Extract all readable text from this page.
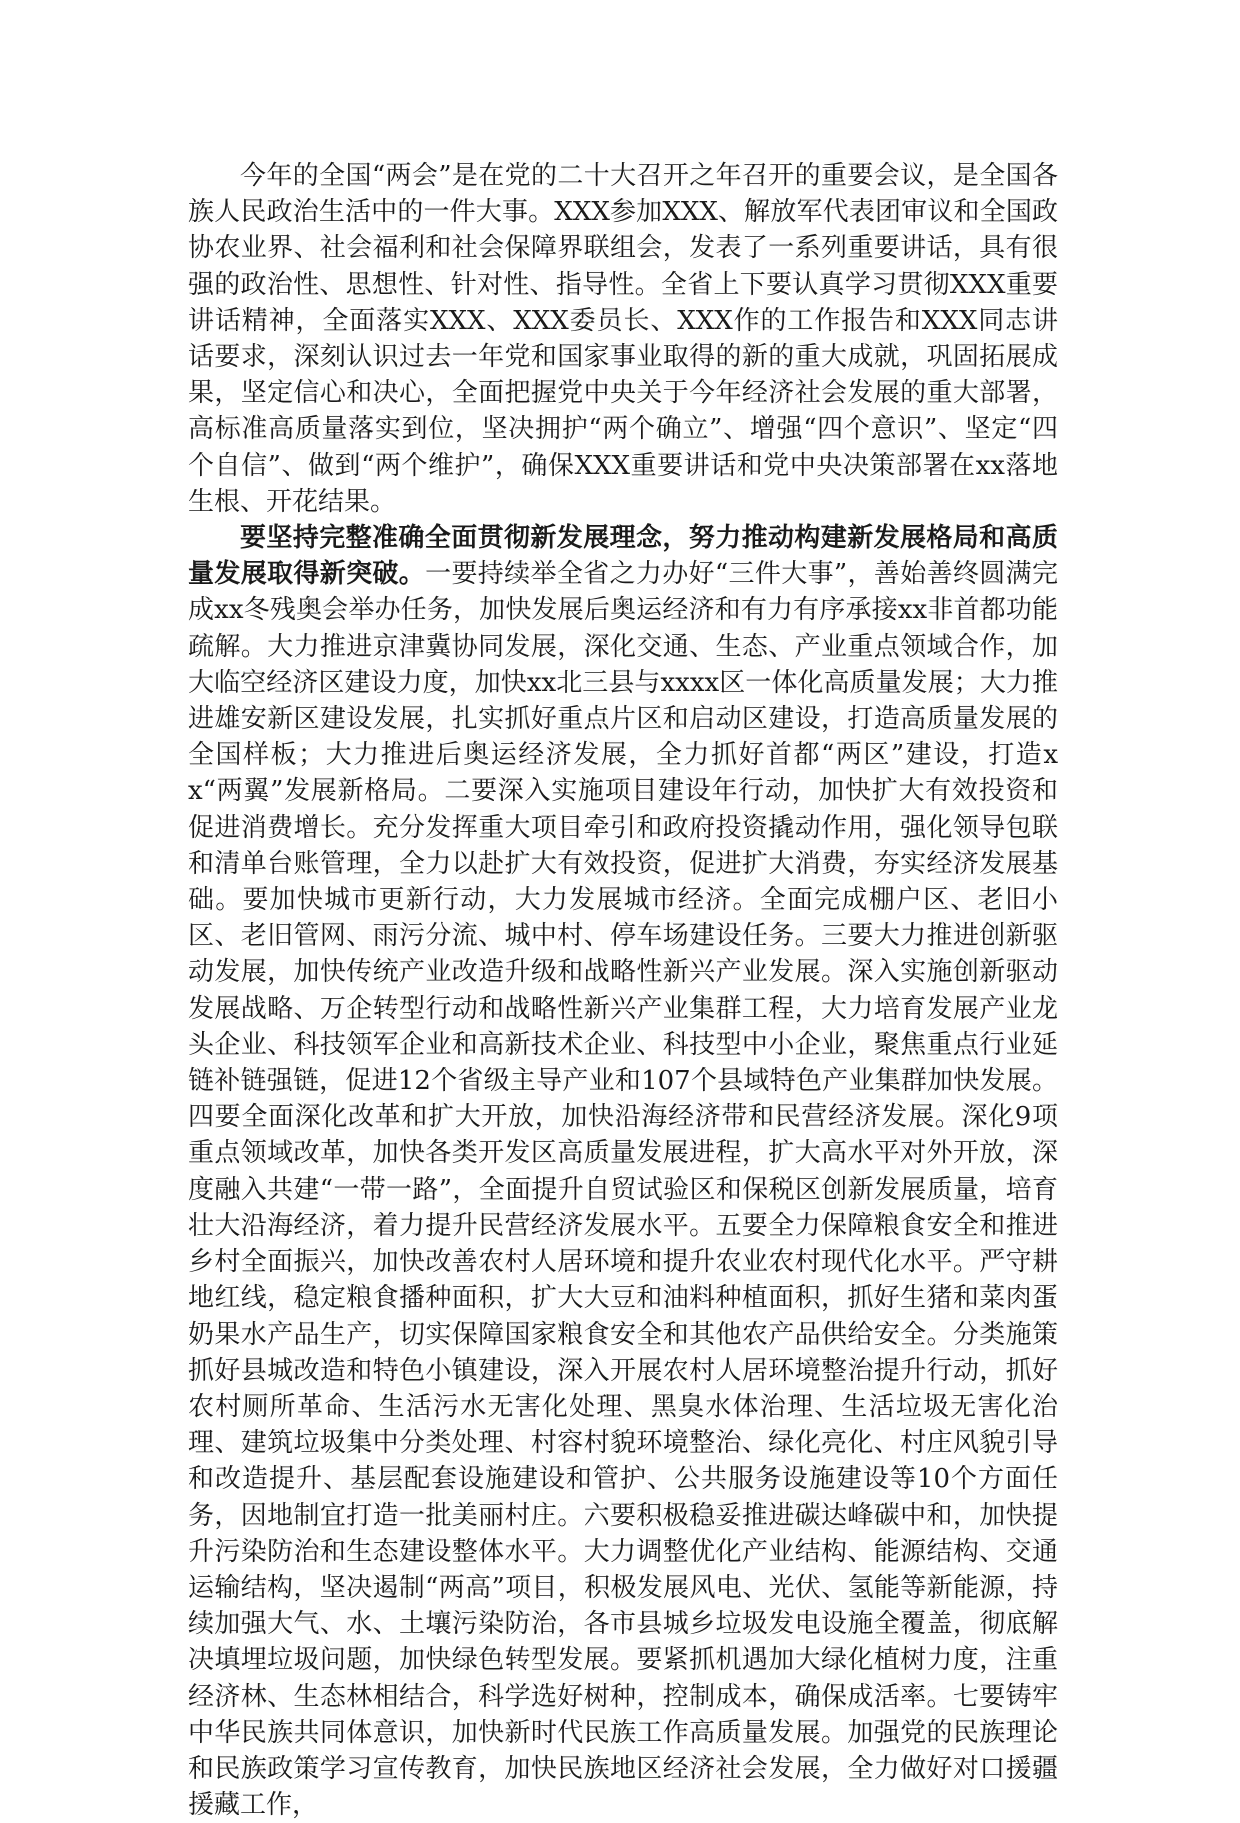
今年的全国“两会”是在党的二十大召开之年召开的重要会议，是全国各族人民政治生活中的一件大事。XXX参加XXX、解放军代表团审议和全国政协农业界、社会福利和社会保障界联组会，发表了一系列重要讲话，具有很强的政治性、思想性、针对性、指导性。全省上下要认真学习贯彻XXX重要讲话精神，全面落实XXX、XXX委员长、XXX作的工作报告和XXX同志讲话要求，深刻认识过去一年党和国家事业取得的新的重大成就，巩固拓展成果，坚定信心和决心，全面把握党中央关于今年经济社会发展的重大部署，高标准高质量落实到位，坚决拥护“两个确立”、增强“四个意识”、坚定“四个自信”、做到“两个维护”，确保XXX重要讲话和党中央决策部署在xx落地生根、开花结果。

要坚持完整准确全面贯彻新发展理念，努力推动构建新发展格局和高质量发展取得新突破。一要持续举全省之力办好“三件大事”，善始善终圆满完成xx冬残奥会举办任务，加快发展后奥运经济和有力有序承接xx非首都功能疏解。大力推进京津冀协同发展，深化交通、生态、产业重点领域合作，加大临空经济区建设力度，加快xx北三县与xxxx区一体化高质量发展；大力推进雄安新区建设发展，扎实抓好重点片区和启动区建设，打造高质量发展的全国样板；大力推进后奥运经济发展，全力抓好首都“两区”建设，打造xx“两翼”发展新格局。二要深入实施项目建设年行动，加快扩大有效投资和促进消费增长。充分发挥重大项目牵引和政府投资撬动作用，强化领导包联和清单台账管理，全力以赴扩大有效投资，促进扩大消费，夯实经济发展基础。要加快城市更新行动，大力发展城市经济。全面完成棚户区、老旧小区、老旧管网、雨污分流、城中村、停车场建设任务。三要大力推进创新驱动发展，加快传统产业改造升级和战略性新兴产业发展。深入实施创新驱动发展战略、万企转型行动和战略性新兴产业集群工程，大力培育发展产业龙头企业、科技领军企业和高新技术企业、科技型中小企业，聚焦重点行业延链补链强链，促进12个省级主导产业和107个县域特色产业集群加快发展。四要全面深化改革和扩大开放，加快沿海经济带和民营经济发展。深化9项重点领域改革，加快各类开发区高质量发展进程，扩大高水平对外开放，深度融入共建“一带一路”，全面提升自贸试验区和保税区创新发展质量，培育壮大沿海经济，着力提升民营经济发展水平。五要全力保障粮食安全和推进乡村全面振兴，加快改善农村人居环境和提升农业农村现代化水平。严守耕地红线，稳定粮食播种面积，扩大大豆和油料种植面积，抓好生猪和菜肉蛋奶果水产品生产，切实保障国家粮食安全和其他农产品供给安全。分类施策抓好县城改造和特色小镇建设，深入开展农村人居环境整治提升行动，抓好农村厕所革命、生活污水无害化处理、黑臭水体治理、生活垃圾无害化治理、建筑垃圾集中分类处理、村容村貌环境整治、绿化亮化、村庄风貌引导和改造提升、基层配套设施建设和管护、公共服务设施建设等10个方面任务，因地制宜打造一批美丽村庄。六要积极稳妥推进碳达峰碳中和，加快提升污染防治和生态建设整体水平。大力调整优化产业结构、能源结构、交通运输结构，坚决遏制“两高”项目，积极发展风电、光伏、氢能等新能源，持续加强大气、水、土壤污染防治，各市县城乡垃圾发电设施全覆盖，彻底解决填埋垃圾问题，加快绿色转型发展。要紧抓机遇加大绿化植树力度，注重经济林、生态林相结合，科学选好树种，控制成本，确保成活率。七要铸牢中华民族共同体意识，加快新时代民族工作高质量发展。加强党的民族理论和民族政策学习宣传教育，加快民族地区经济社会发展，全力做好对口援疆援藏工作，
